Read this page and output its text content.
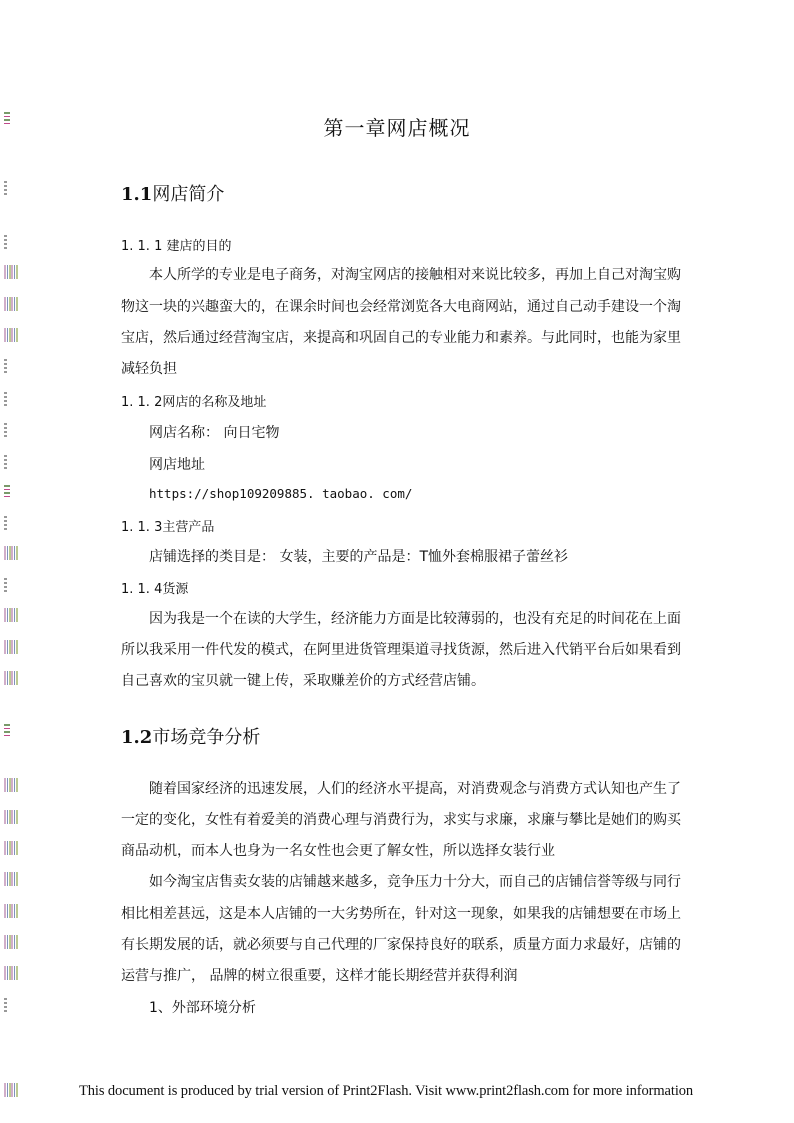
第一章网店概况
1.1网店简介
1. 1. 1 建店的目的
本人所学的专业是电子商务，对淘宝网店的接触相对来说比较多，再加上自己对淘宝购
物这一块的兴趣蛮大的，在课余时间也会经常浏览各大电商网站，通过自己动手建设一个淘
宝店，然后通过经营淘宝店，来提高和巩固自己的专业能力和素养。与此同时，也能为家里
减轻负担
1. 1. 2网店的名称及地址
网店名称： 向日宅物
网店地址
https://shop109209885. taobao. com/
1. 1. 3主营产品
店铺选择的类目是： 女装，主要的产品是：T恤外套棉服裙子蕾丝衫
1. 1. 4货源
因为我是一个在读的大学生，经济能力方面是比较薄弱的，也没有充足的时间花在上面
所以我采用一件代发的模式，在阿里进货管理渠道寻找货源，然后进入代销平台后如果看到
自己喜欢的宝贝就一键上传，采取赚差价的方式经营店铺。
1.2市场竞争分析
随着国家经济的迅速发展，人们的经济水平提高，对消费观念与消费方式认知也产生了
一定的变化，女性有着爱美的消费心理与消费行为，求实与求廉，求廉与攀比是她们的购买
商品动机，而本人也身为一名女性也会更了解女性，所以选择女装行业
如今淘宝店售卖女装的店铺越来越多，竞争压力十分大，而自己的店铺信誉等级与同行
相比相差甚远，这是本人店铺的一大劣势所在，针对这一现象，如果我的店铺想要在市场上
有长期发展的话，就必须要与自己代理的厂家保持良好的联系，质量方面力求最好，店铺的
运营与推广， 品牌的树立很重要，这样才能长期经营并获得利润
1、外部环境分析
This document is produced by trial version of Print2Flash. Visit www.print2flash.com for more information
